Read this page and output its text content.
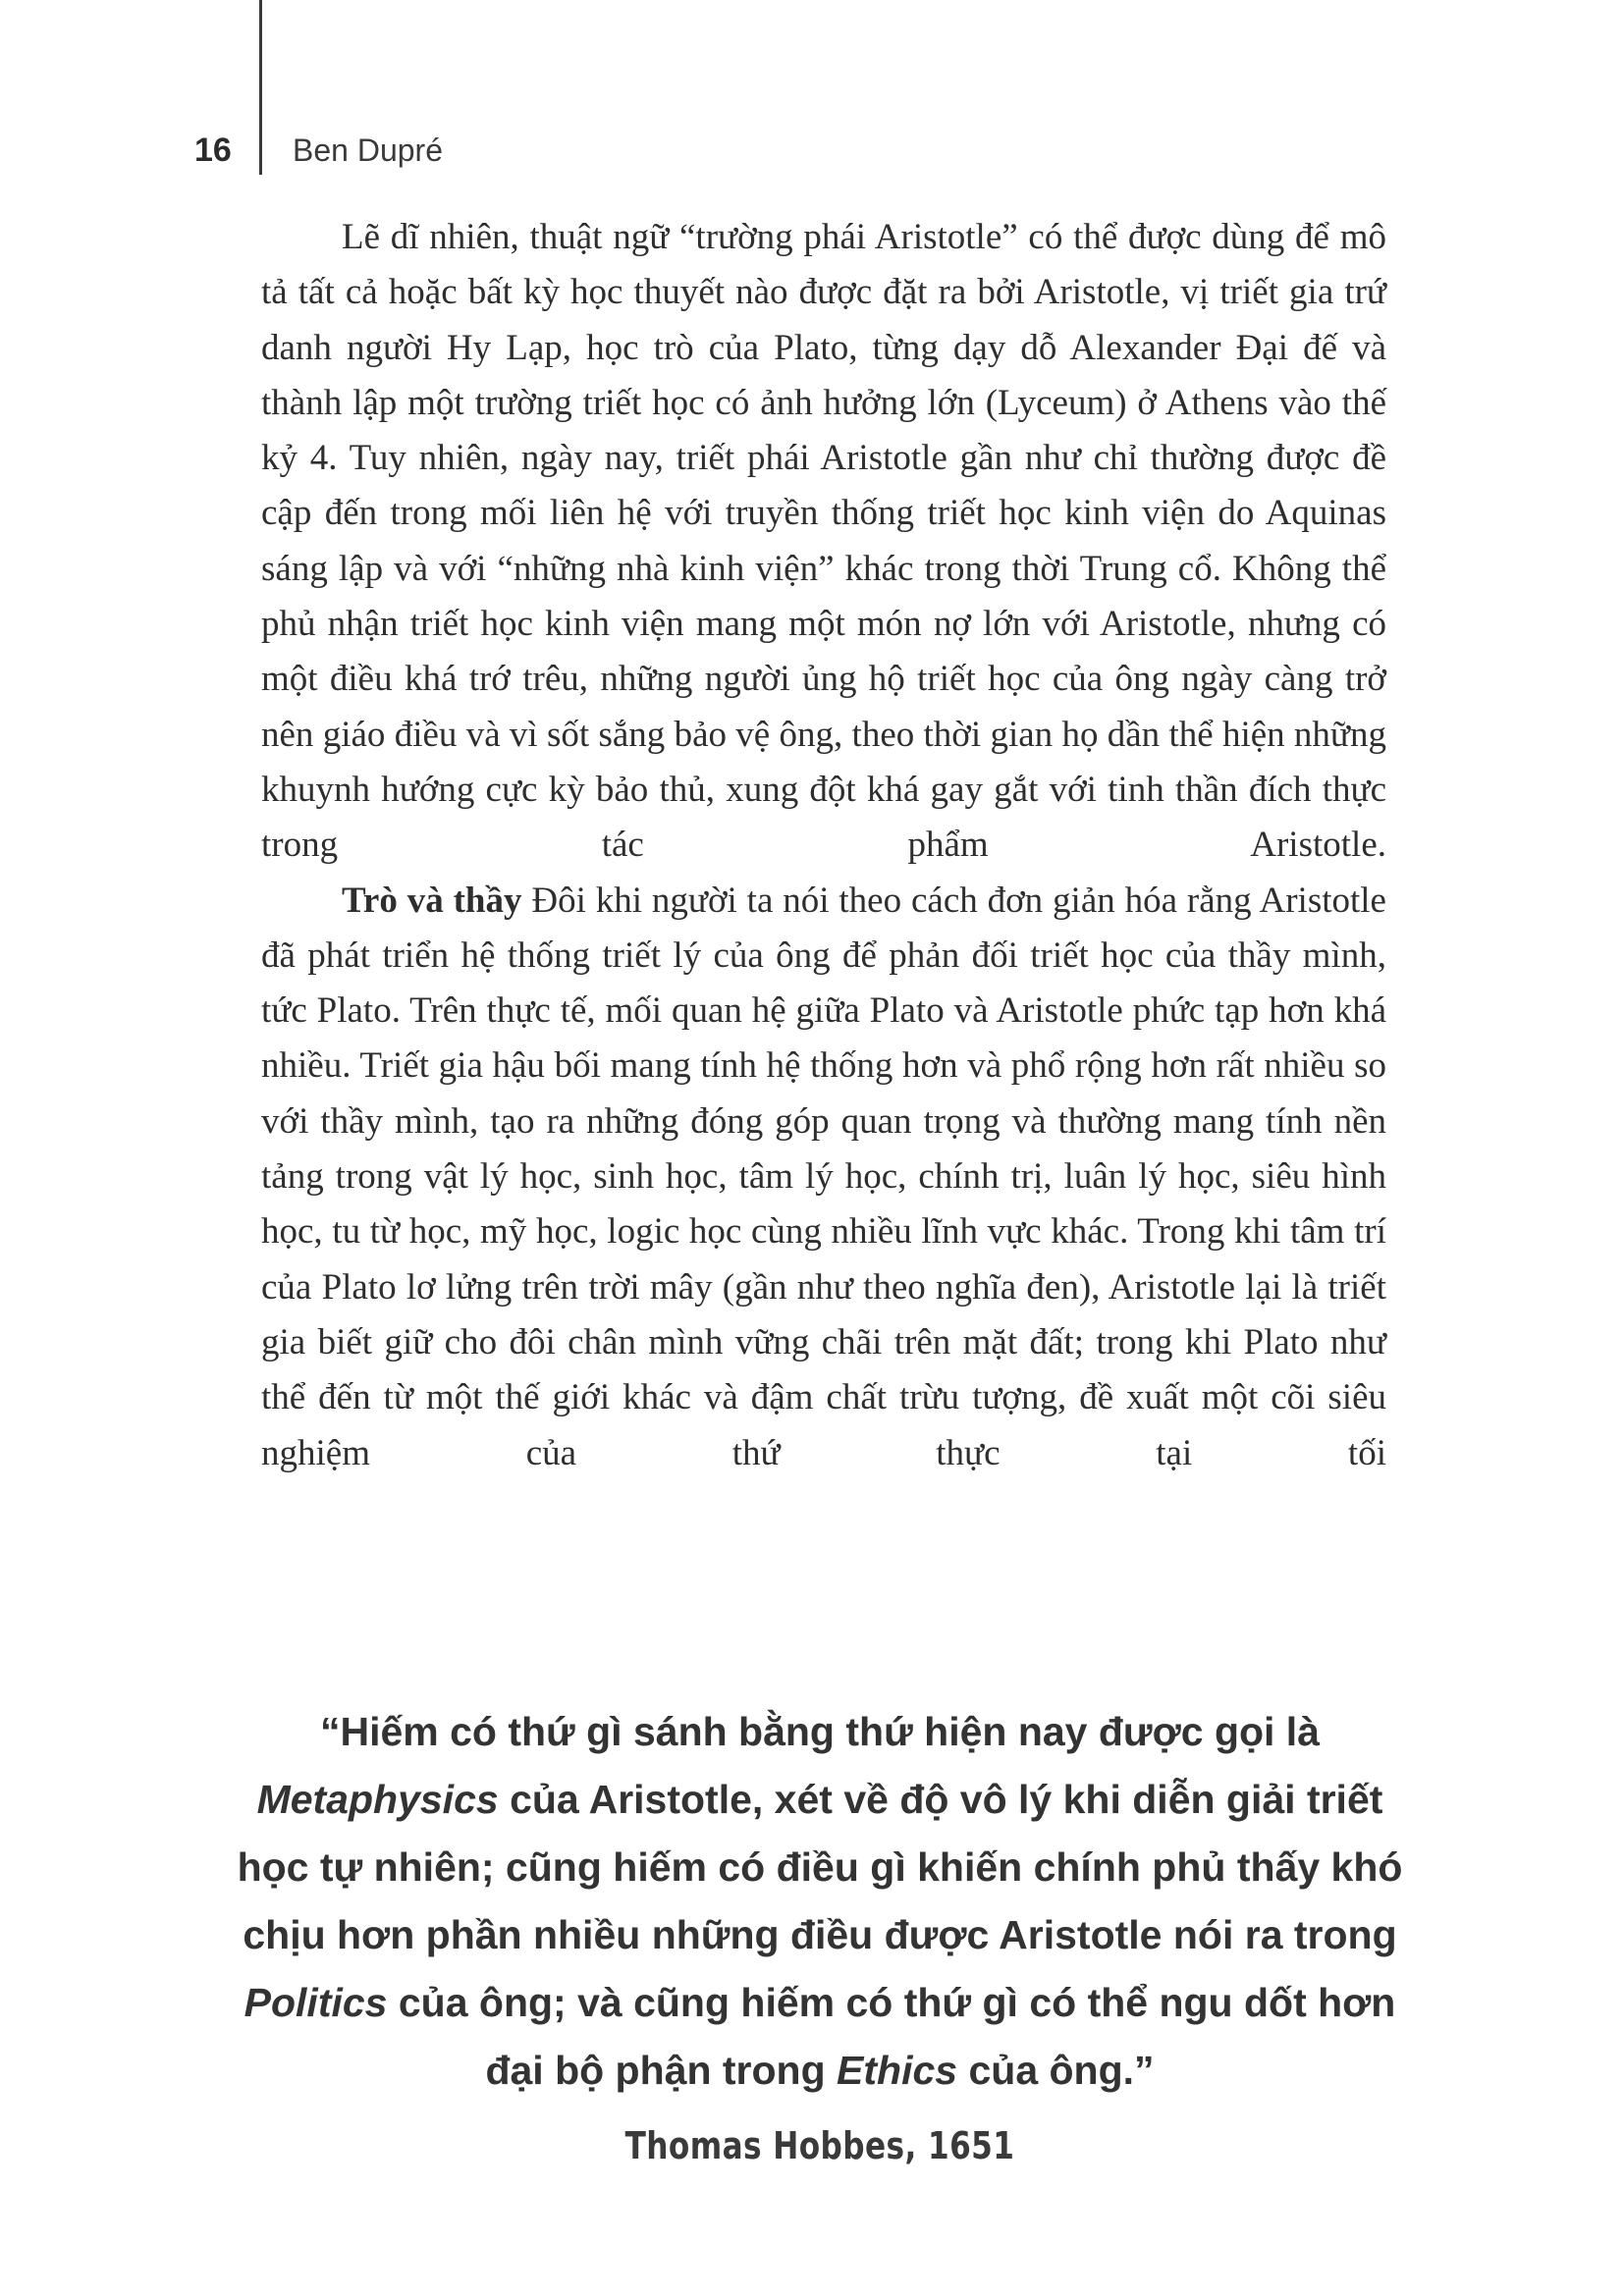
16	Ben Dupré

Lẽ dĩ nhiên, thuật ngữ “trường phái Aristotle” có thể được dùng để mô tả tất cả hoặc bất kỳ học thuyết nào được đặt ra bởi Aristotle, vị triết gia trứ danh người Hy Lạp, học trò của Plato, từng dạy dỗ Alexander Đại đế và thành lập một trường triết học có ảnh hưởng lớn (Lyceum) ở Athens vào thế kỷ 4. Tuy nhiên, ngày nay, triết phái Aristotle gần như chỉ thường được đề cập đến trong mối liên hệ với truyền thống triết học kinh viện do Aquinas sáng lập và với “những nhà kinh viện” khác trong thời Trung cổ. Không thể phủ nhận triết học kinh viện mang một món nợ lớn với Aristotle, nhưng có một điều khá trớ trêu, những người ủng hộ triết học của ông ngày càng trở nên giáo điều và vì sốt sắng bảo vệ ông, theo thời gian họ dần thể hiện những khuynh hướng cực kỳ bảo thủ, xung đột khá gay gắt với tinh thần đích thực trong tác phẩm Aristotle.

Trò và thầy Đôi khi người ta nói theo cách đơn giản hóa rằng Aristotle đã phát triển hệ thống triết lý của ông để phản đối triết học của thầy mình, tức Plato. Trên thực tế, mối quan hệ giữa Plato và Aristotle phức tạp hơn khá nhiều. Triết gia hậu bối mang tính hệ thống hơn và phổ rộng hơn rất nhiều so với thầy mình, tạo ra những đóng góp quan trọng và thường mang tính nền tảng trong vật lý học, sinh học, tâm lý học, chính trị, luân lý học, siêu hình học, tu từ học, mỹ học, logic học cùng nhiều lĩnh vực khác. Trong khi tâm trí của Plato lơ lửng trên trời mây (gần như theo nghĩa đen), Aristotle lại là triết gia biết giữ cho đôi chân mình vững chãi trên mặt đất; trong khi Plato như thể đến từ một thế giới khác và đậm chất trừu tượng, đề xuất một cõi siêu nghiệm của thứ thực tại tối

“Hiếm có thứ gì sánh bằng thứ hiện nay được gọi là Metaphysics của Aristotle, xét về độ vô lý khi diễn giải triết học tự nhiên; cũng hiếm có điều gì khiến chính phủ thấy khó chịu hơn phần nhiều những điều được Aristotle nói ra trong Politics của ông; và cũng hiếm có thứ gì có thể ngu dốt hơn đại bộ phận trong Ethics của ông.”

Thomas Hobbes, 1651
